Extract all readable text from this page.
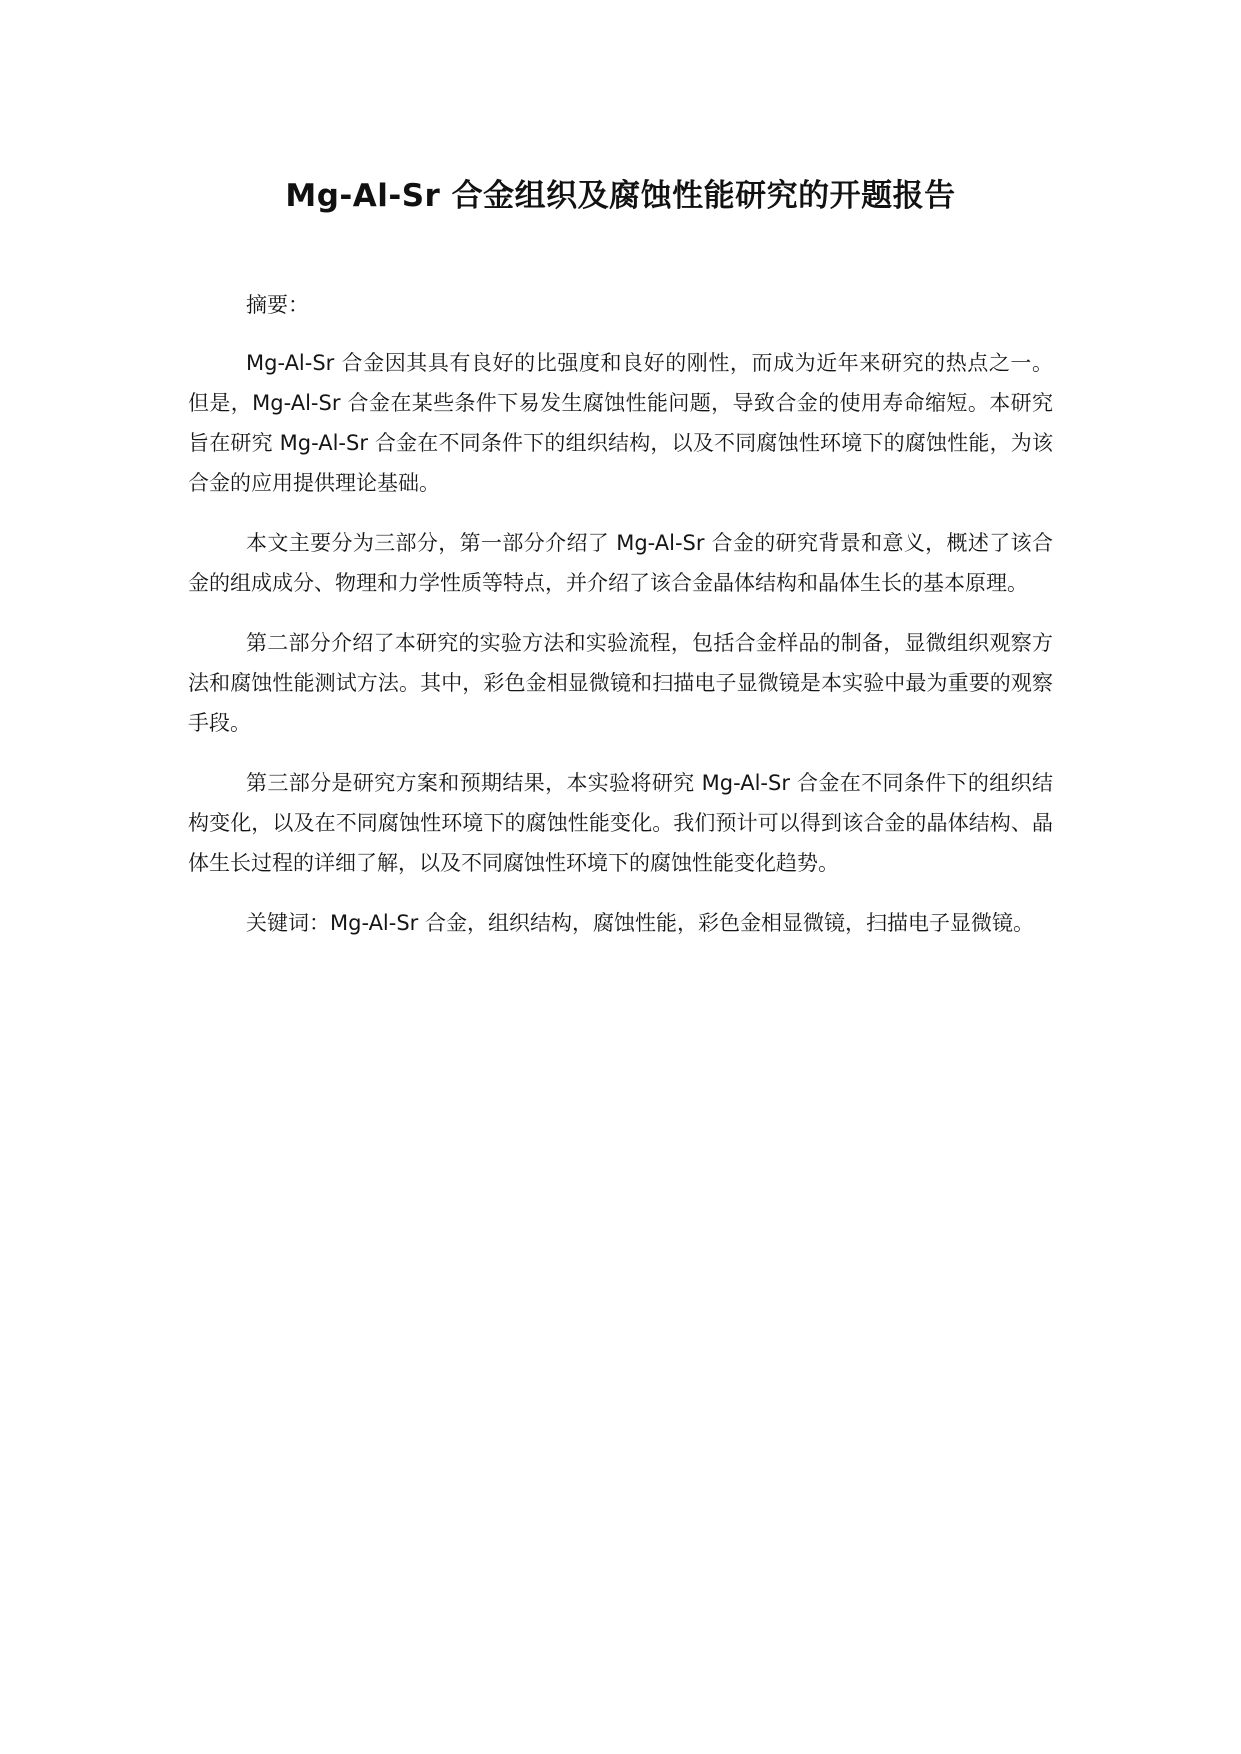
Mg-Al-Sr 合金组织及腐蚀性能研究的开题报告

摘要：

Mg-Al-Sr 合金因其具有良好的比强度和良好的刚性，而成为近年来研究的热点之一。但是，Mg-Al-Sr 合金在某些条件下易发生腐蚀性能问题，导致合金的使用寿命缩短。本研究旨在研究 Mg-Al-Sr 合金在不同条件下的组织结构，以及不同腐蚀性环境下的腐蚀性能，为该合金的应用提供理论基础。

本文主要分为三部分，第一部分介绍了 Mg-Al-Sr 合金的研究背景和意义，概述了该合金的组成成分、物理和力学性质等特点，并介绍了该合金晶体结构和晶体生长的基本原理。

第二部分介绍了本研究的实验方法和实验流程，包括合金样品的制备，显微组织观察方法和腐蚀性能测试方法。其中，彩色金相显微镜和扫描电子显微镜是本实验中最为重要的观察手段。

第三部分是研究方案和预期结果，本实验将研究 Mg-Al-Sr 合金在不同条件下的组织结构变化，以及在不同腐蚀性环境下的腐蚀性能变化。我们预计可以得到该合金的晶体结构、晶体生长过程的详细了解，以及不同腐蚀性环境下的腐蚀性能变化趋势。

关键词：Mg-Al-Sr 合金，组织结构，腐蚀性能，彩色金相显微镜，扫描电子显微镜。
